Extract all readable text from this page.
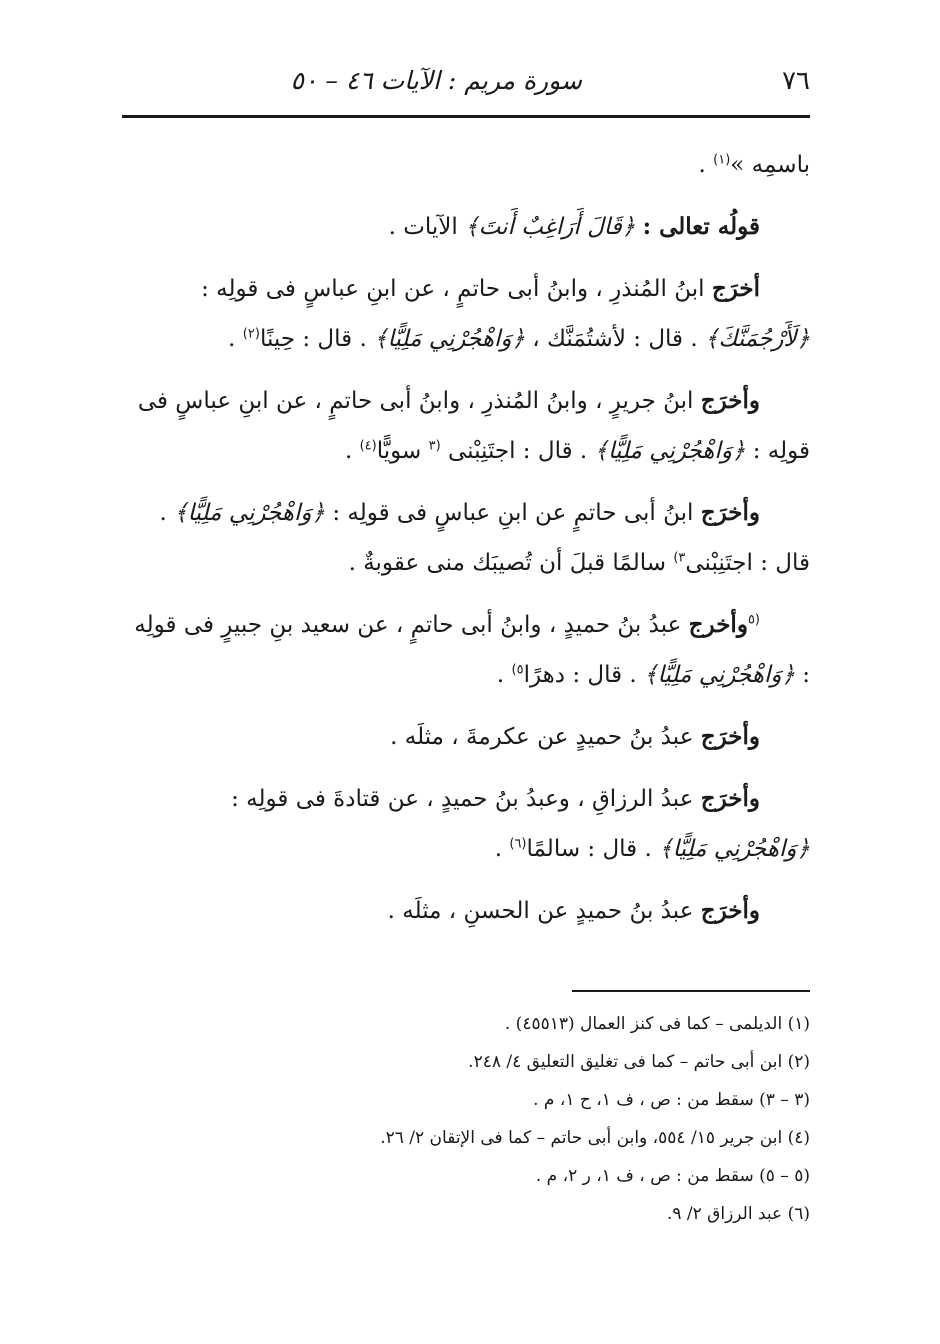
٧٦
سورة مريم : الآيات ٤٦ – ٥٠

باسمِه »$^{(١)}$ .

قولُه تعالى : ﴿قَالَ أَرَاغِبٌ أَنتَ﴾ الآيات .

أخرَج ابنُ المُنذرِ ، وابنُ أبى حاتمٍ ، عن ابنِ عباسٍ فى قولِه : ﴿لَأَرْجُمَنَّكَ﴾ . قال : لأشتُمَنَّك ، ﴿وَاهْجُرْنِي مَلِيًّا﴾ . قال : حِينًا$^{(٢)}$ .

وأخرَج ابنُ جريرٍ ، وابنُ المُنذرِ ، وابنُ أبى حاتمٍ ، عن ابنِ عباسٍ فى قولِه : ﴿وَاهْجُرْنِي مَلِيًّا﴾ . قال : اجتَنِبْنى $^{(٣}$ سويًّا$^{(٤)}$ .

وأخرَج ابنُ أبى حاتمٍ عن ابنِ عباسٍ فى قولِه : ﴿وَاهْجُرْنِي مَلِيًّا﴾ . قال : اجتَنِبْنى$^{٣)}$ سالمًا قبلَ أن تُصيبَك منى عقوبةٌ .

$^{(٥}$وأخرج عبدُ بنُ حميدٍ ، وابنُ أبى حاتمٍ ، عن سعيد بنِ جبيرٍ فى قولِه : ﴿وَاهْجُرْنِي مَلِيًّا﴾ . قال : دهرًا$^{٥)}$ .

وأخرَج عبدُ بنُ حميدٍ عن عكرمةَ ، مثلَه .

وأخرَج عبدُ الرزاقِ ، وعبدُ بنُ حميدٍ ، عن قتادةَ فى قولِه : ﴿وَاهْجُرْنِي مَلِيًّا﴾ . قال : سالمًا$^{(٦)}$ .

وأخرَج عبدُ بنُ حميدٍ عن الحسنِ ، مثلَه .

(١) الديلمى – كما فى كنز العمال (٤٥٥١٣) .

(٢) ابن أبى حاتم – كما فى تغليق التعليق ٤/ ٢٤٨.

(٣ – ٣) سقط من : ص ، ف ١، ح ١، م .

(٤) ابن جرير ١٥/ ٥٥٤، وابن أبى حاتم – كما فى الإتقان ٢/ ٢٦.

(٥ – ٥) سقط من : ص ، ف ١، ر ٢، م .

(٦) عبد الرزاق ٢/ ٩.
